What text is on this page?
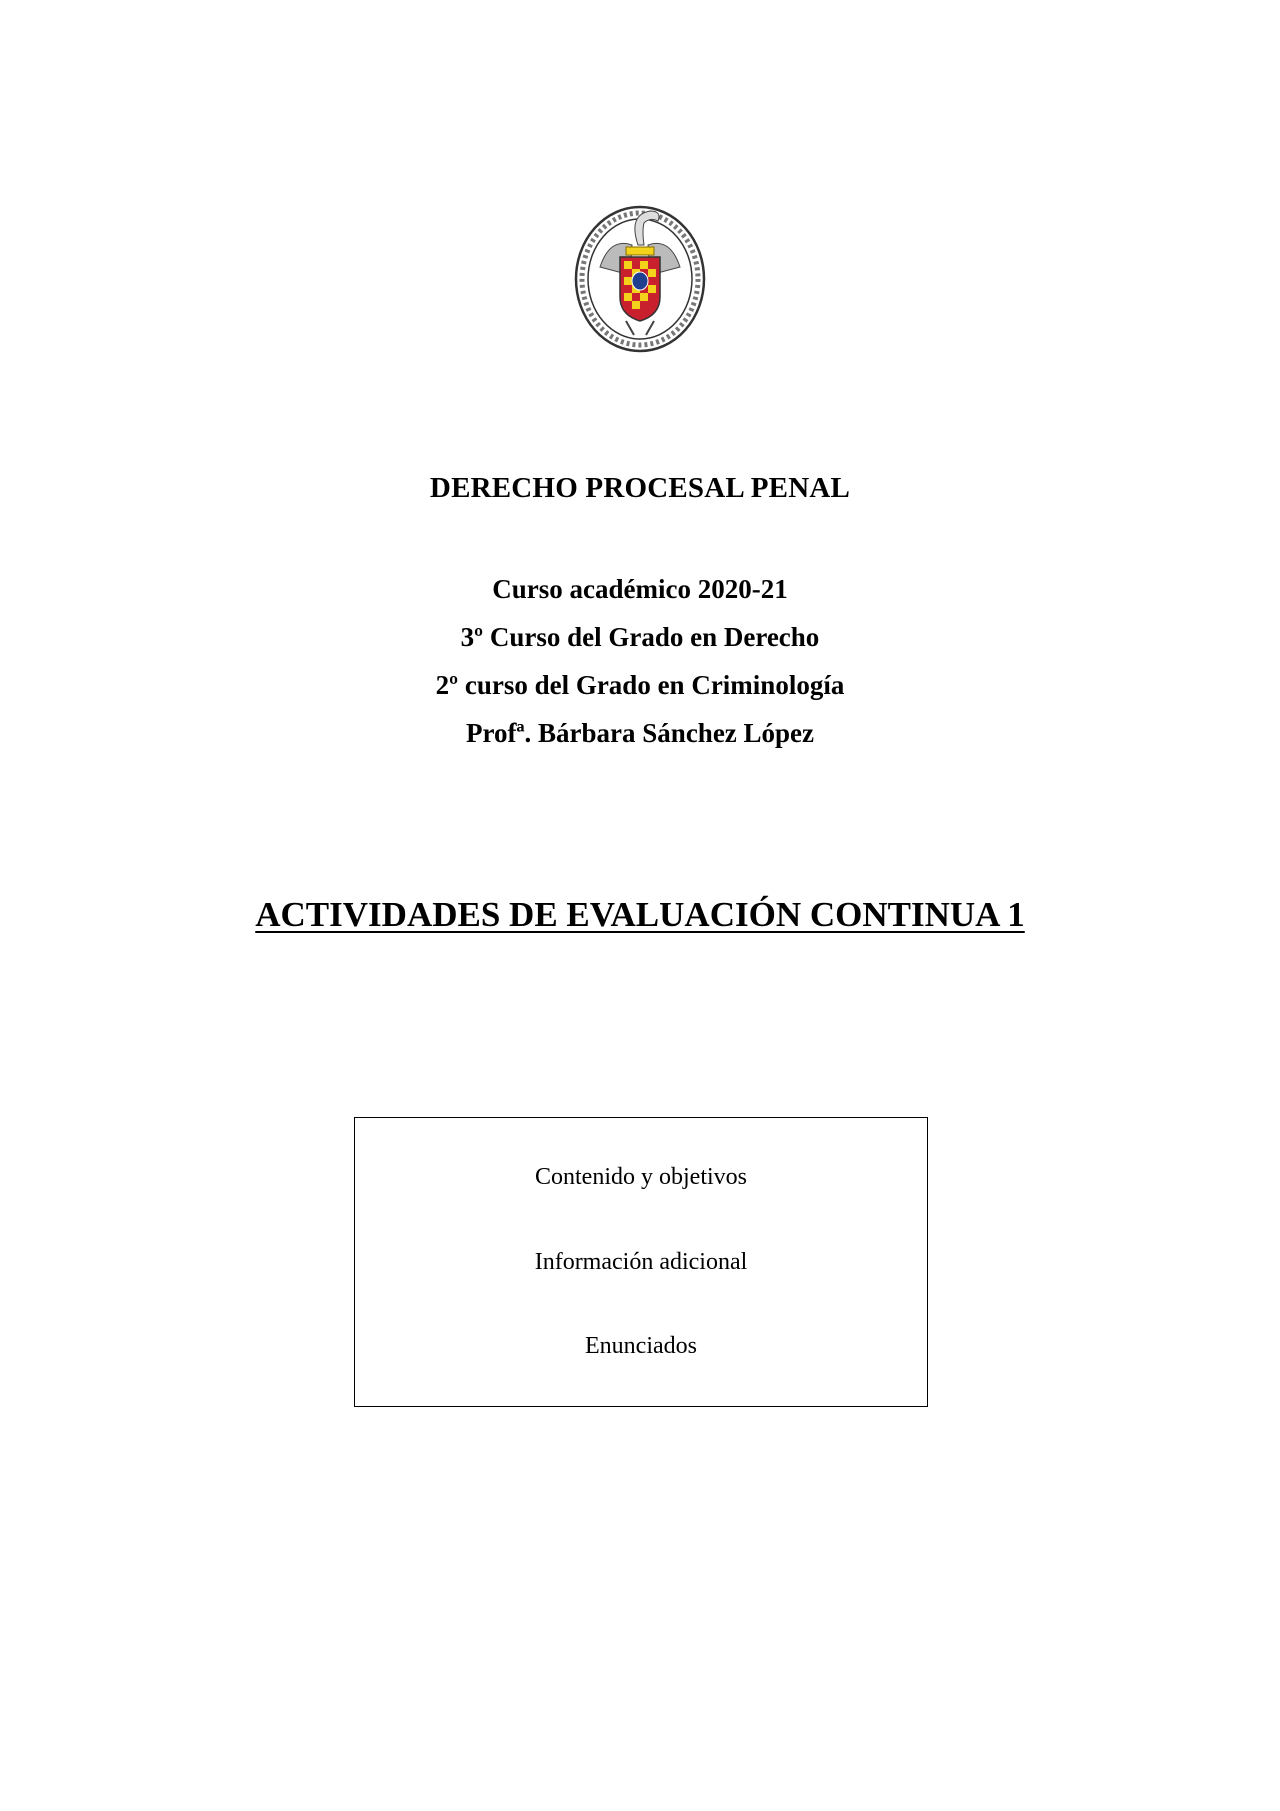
DERECHO PROCESAL PENAL
Curso académico 2020-21
3º Curso del Grado en Derecho
2º curso del Grado en Criminología
Profª. Bárbara Sánchez López
ACTIVIDADES DE EVALUACIÓN CONTINUA 1
Contenido y objetivos
Información adicional
Enunciados
